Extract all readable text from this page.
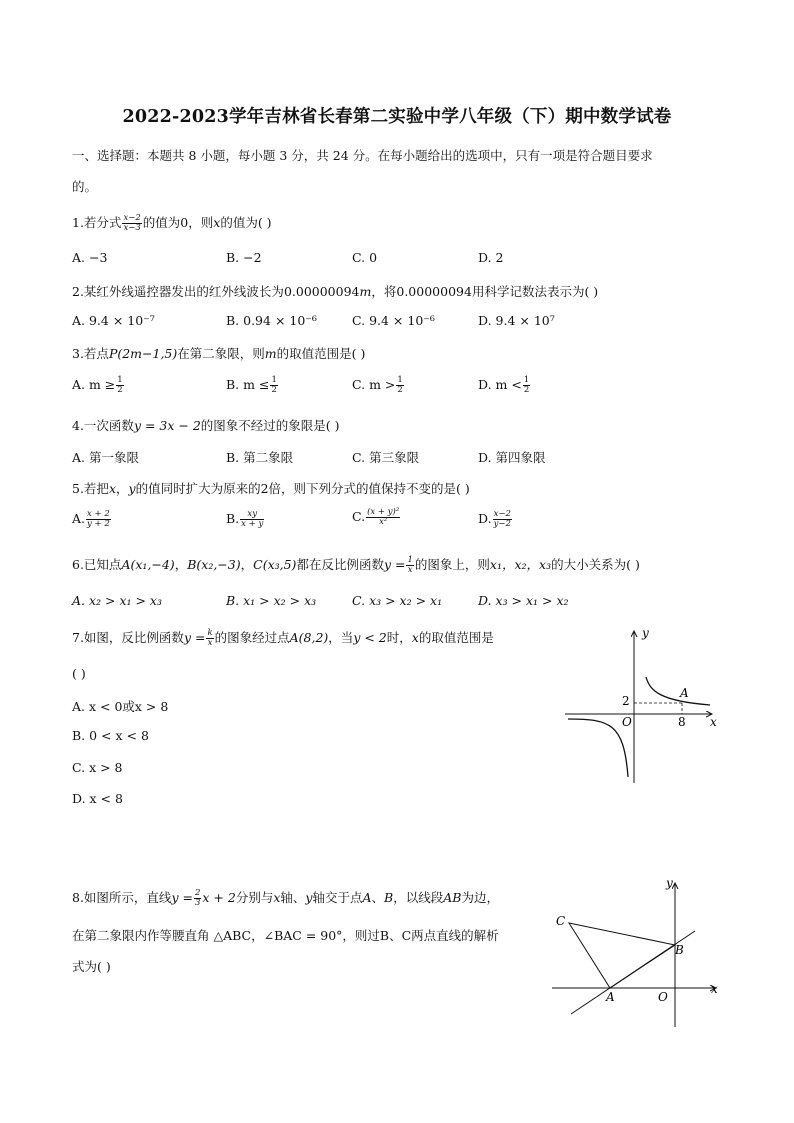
2022-2023学年吉林省长春第二实验中学八年级（下）期中数学试卷
一、选择题：本题共 8 小题，每小题 3 分，共 24 分。在每小题给出的选项中，只有一项是符合题目要求
的。
1.若分式 $\frac{x-2}{x-3}$ 的值为0，则x的值为( )
A. −3	B. −2	C. 0	D. 2
2.某红外线遥控器发出的红外线波长为0.00000094m，将0.00000094用科学记数法表示为( )
A. 9.4 × 10⁻⁷	B. 0.94 × 10⁻⁶	C. 9.4 × 10⁻⁶	D. 9.4 × 10⁷
3.若点P(2m−1,5)在第二象限，则m的取值范围是( )
A. $m \ge \frac{1}{2}$	B. $m \le \frac{1}{2}$	C. $m > \frac{1}{2}$	D. $m < \frac{1}{2}$
4.一次函数y = 3x − 2的图象不经过的象限是( )
A. 第一象限	B. 第二象限	C. 第三象限	D. 第四象限
5.若把x，y的值同时扩大为原来的2倍，则下列分式的值保持不变的是( )
A. $\frac{x + 2}{y + 2}$	B. $\frac{xy}{x + y}$	C. $\frac{\text{(x + y)²}}{\text{x²}}$	D. $\frac{x-2}{y-2}$
6.已知点A(x₁,−4)，B(x₂,−3)，C(x₃,5)都在反比例函数$y = \frac{1}{x}$ 的图象上，则x₁，x₂，x₃的大小关系为( )
A. x₂ > x₁ > x₃	B. x₁ > x₂ > x₃	C. x₃ > x₂ > x₁	D. x₃ > x₁ > x₂
7.如图，反比例函数$y = \frac{k}{x}$ 的图象经过点A(8,2)，当y < 2时，x的取值范围是
( )
A. x < 0或x > 8
B. 0 < x < 8
C. x > 8
D. x < 8
y
x
O
A
8
2
8.如图所示，直线$y = \frac{2}{3}$ x + 2分别与x轴、y轴交于点A、B，以线段AB为边，
在第二象限内作等腰直角 △ABC，∠BAC = 90°，则过B、C两点直线的解析
式为( )
y
x
O
A
B
C
